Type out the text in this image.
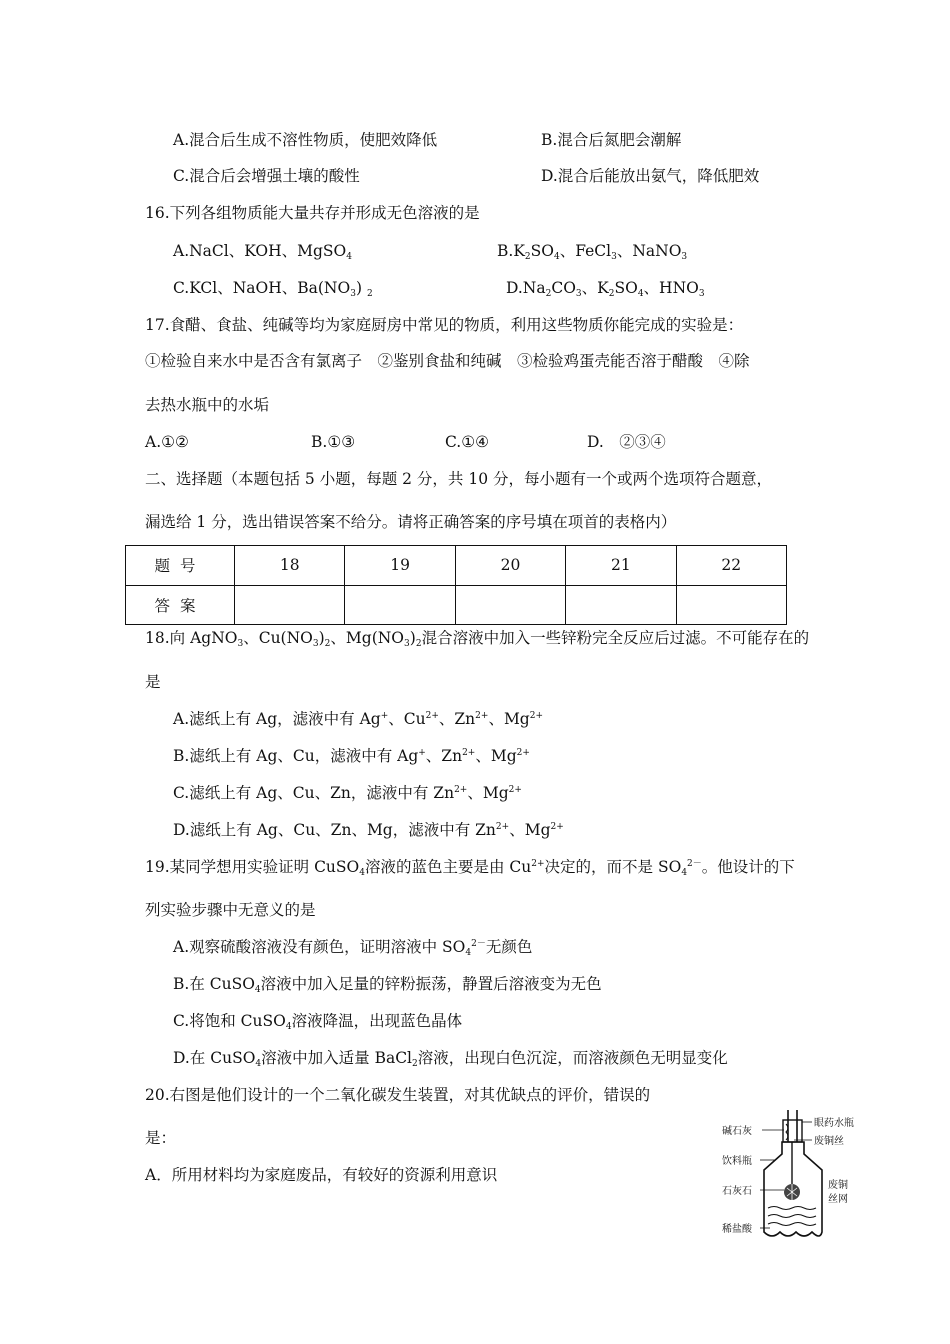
A.混合后生成不溶性物质，使肥效降低	B.混合后氮肥会潮解
C.混合后会增强土壤的酸性	D.混合后能放出氨气，降低肥效
16.下列各组物质能大量共存并形成无色溶液的是
A.NaCl、KOH、MgSO$_4$	$B.K_2SO_4$、FeCl$_3$、NaNO$_3$
C.KCl、NaOH、$Ba(NO_3)$ $_2$	$D.Na_2CO_3$、$K_2SO_4$、$HNO_3$
17.食醋、食盐、纯碱等均为家庭厨房中常见的物质，利用这些物质你能完成的实验是：
①检验自来水中是否含有氯离子　②鉴别食盐和纯碱　③检验鸡蛋壳能否溶于醋酸　④除
去热水瓶中的水垢
A.①②	B.①③	C.①④	D.　②③④
二、选择题（本题包括 5 小题，每题 2 分，共 10 分，每小题有一个或两个选项符合题意，
漏选给 1 分，选出错误答案不给分。请将正确答案的序号填在项首的表格内）
题号	18	19	20	21	22
答案					
18.向 AgNO$_3$、$Cu(NO_3)_2$、$Mg(NO_3)_2$混合溶液中加入一些锌粉完全反应后过滤。不可能存在的
是
A.滤纸上有 Ag，滤液中有 Ag+、$Cu^{2+}$、$Zn^{2+}$、$Mg^{2+}$
B.滤纸上有 Ag、Cu，滤液中有 Ag+、$Zn^{2+}$、$Mg^{2+}$
C.滤纸上有 Ag、Cu、Zn，滤液中有 $Zn^{2+}$、$Mg^{2+}$
D.滤纸上有 Ag、Cu、Zn、Mg，滤液中有 $Zn^{2+}$、$Mg^{2+}$
19.某同学想用实验证明 CuSO$_4$溶液的蓝色主要是由 $Cu^{2+}$决定的，而不是 $SO_4^{2-}$。他设计的下
列实验步骤中无意义的是
A.观察硫酸溶液没有颜色，证明溶液中 $SO_4^{2-}$无颜色
B.在 CuSO$_4$溶液中加入足量的锌粉振荡，静置后溶液变为无色
C.将饱和 CuSO$_4$溶液降温，出现蓝色晶体
D.在 CuSO$_4$溶液中加入适量 BaCl$_2$溶液，出现白色沉淀，而溶液颜色无明显变化
20.右图是他们设计的一个二氧化碳发生装置，对其优缺点的评价，错误的
是：
A．所用材料均为家庭废品，有较好的资源利用意识
碱石灰
眼药水瓶
废铜丝
饮料瓶
石灰石
废铜
丝网
稀盐酸
